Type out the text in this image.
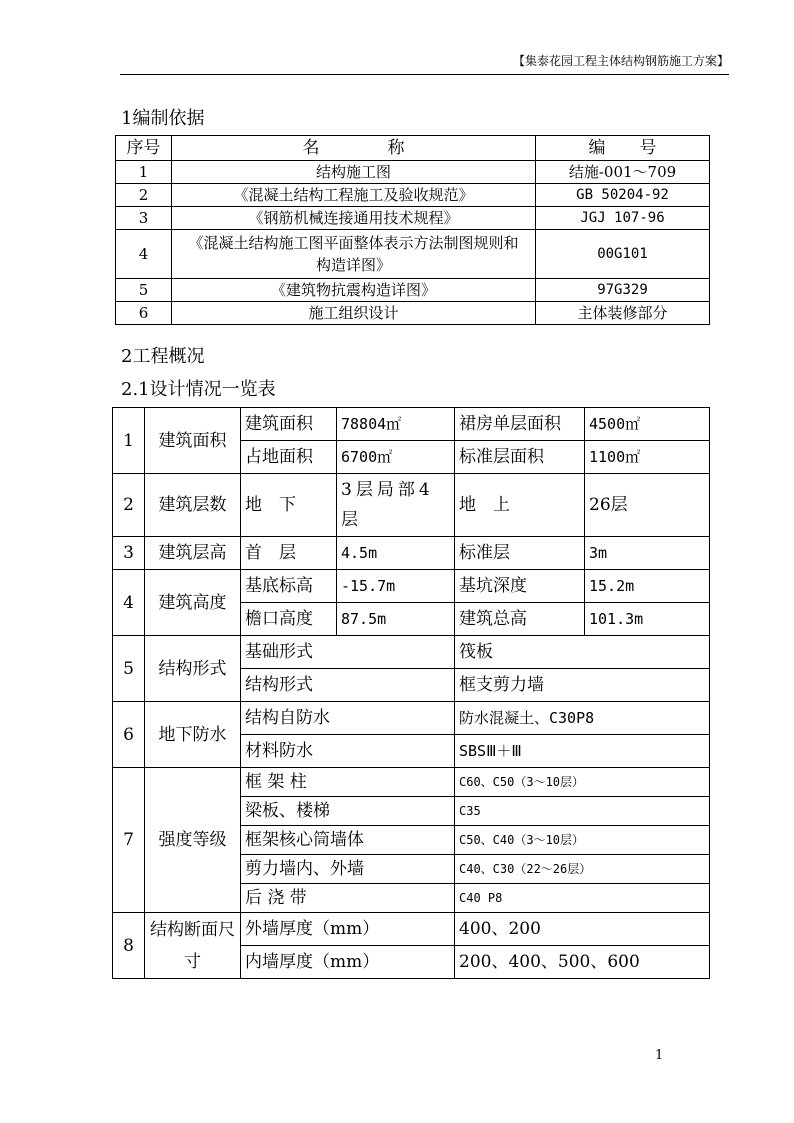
【集泰花园工程主体结构钢筋施工方案】
1编制依据
序号	名　　　　称	编　　号
1	结构施工图	结施-001～709
2	《混凝土结构工程施工及验收规范》	GB 50204-92
3	《钢筋机械连接通用技术规程》	JGJ 107-96
4	《混凝土结构施工图平面整体表示方法制图规则和构造详图》	00G101
5	《建筑物抗震构造详图》	97G329
6	施工组织设计	主体装修部分
2工程概况
2.1设计情况一览表
1	建筑面积	建筑面积	78804㎡	裙房单层面积	4500㎡
		占地面积	6700㎡	标准层面积	1100㎡
2	建筑层数	地　下	3层局部4层	地　上	26层
3	建筑层高	首　层	4.5m	标准层	3m
4	建筑高度	基底标高	-15.7m	基坑深度	15.2m
		檐口高度	87.5m	建筑总高	101.3m
5	结构形式	基础形式		筏板	
		结构形式		框支剪力墙	
6	地下防水	结构自防水		防水混凝土、C30P8	
		材料防水		SBSⅢ＋Ⅲ	
7	强度等级	框 架 柱		C60、C50（3～10层）	
		梁板、楼梯		C35	
		框架核心筒墙体		C50、C40（3～10层）	
		剪力墙内、外墙		C40、C30（22～26层）	
		后 浇 带		C40 P8	
8	结构断面尺寸	外墙厚度（mm）		400、200	
		内墙厚度（mm）		200、400、500、600	
1
